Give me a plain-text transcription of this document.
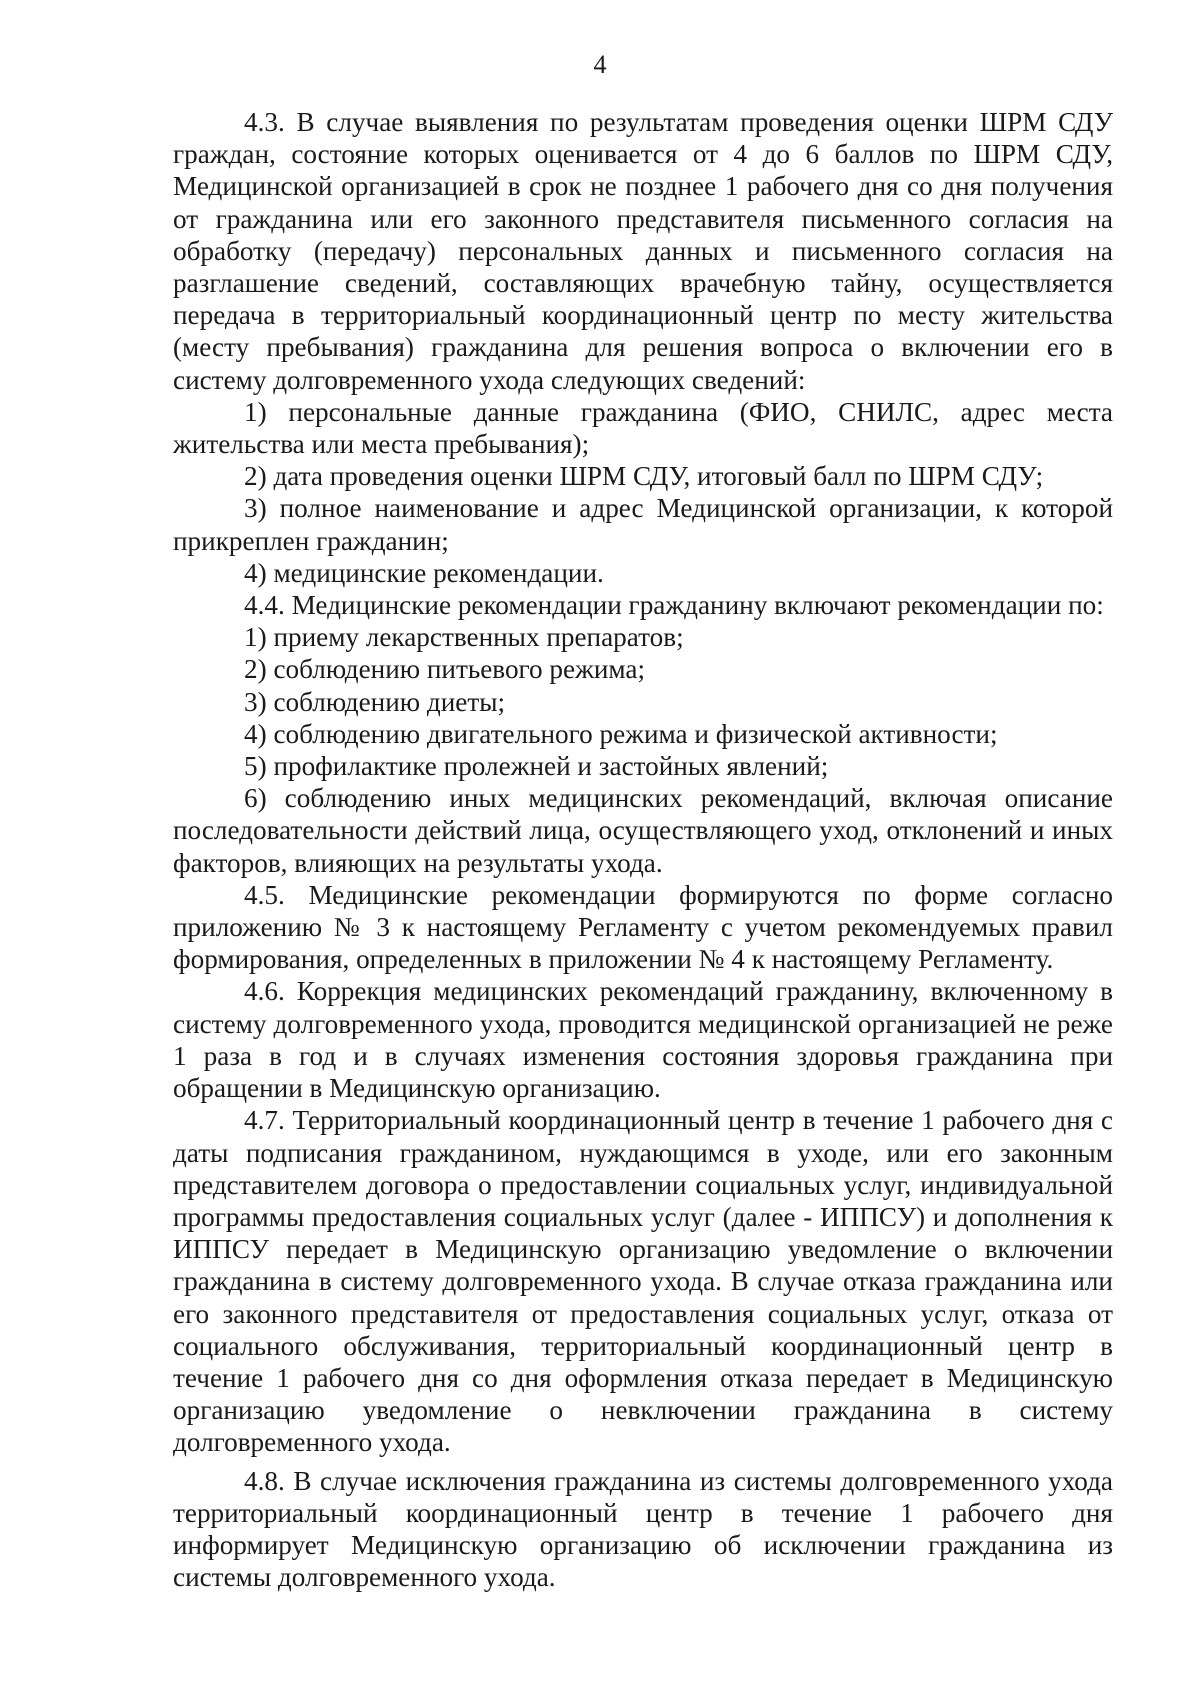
4

4.3. В случае выявления по результатам проведения оценки ШРМ СДУ граждан, состояние которых оценивается от 4 до 6 баллов по ШРМ СДУ, Медицинской организацией в срок не позднее 1 рабочего дня со дня получения от гражданина или его законного представителя письменного согласия на обработку (передачу) персональных данных и письменного согласия на разглашение сведений, составляющих врачебную тайну, осуществляется передача в территориальный координационный центр по месту жительства (месту пребывания) гражданина для решения вопроса о включении его в систему долговременного ухода следующих сведений:

1) персональные данные гражданина (ФИО, СНИЛС, адрес места жительства или места пребывания);

2) дата проведения оценки ШРМ СДУ, итоговый балл по ШРМ СДУ;

3) полное наименование и адрес Медицинской организации, к которой прикреплен гражданин;

4) медицинские рекомендации.

4.4. Медицинские рекомендации гражданину включают рекомендации по:

1) приему лекарственных препаратов;

2) соблюдению питьевого режима;

3) соблюдению диеты;

4) соблюдению двигательного режима и физической активности;

5) профилактике пролежней и застойных явлений;

6) соблюдению иных медицинских рекомендаций, включая описание последовательности действий лица, осуществляющего уход, отклонений и иных факторов, влияющих на результаты ухода.

4.5. Медицинские рекомендации формируются по форме согласно приложению № 3 к настоящему Регламенту с учетом рекомендуемых правил формирования, определенных в приложении № 4 к настоящему Регламенту.

4.6. Коррекция медицинских рекомендаций гражданину, включенному в систему долговременного ухода, проводится медицинской организацией не реже 1 раза в год и в случаях изменения состояния здоровья гражданина при обращении в Медицинскую организацию.

4.7. Территориальный координационный центр в течение 1 рабочего дня с даты подписания гражданином, нуждающимся в уходе, или его законным представителем договора о предоставлении социальных услуг, индивидуальной программы предоставления социальных услуг (далее - ИППСУ) и дополнения к ИППСУ передает в Медицинскую организацию уведомление о включении гражданина в систему долговременного ухода. В случае отказа гражданина или его законного представителя от предоставления социальных услуг, отказа от социального обслуживания, территориальный координационный центр в течение 1 рабочего дня со дня оформления отказа передает в Медицинскую организацию уведомление о невключении гражданина в систему долговременного ухода.

4.8. В случае исключения гражданина из системы долговременного ухода территориальный координационный центр в течение 1 рабочего дня информирует Медицинскую организацию об исключении гражданина из системы долговременного ухода.
